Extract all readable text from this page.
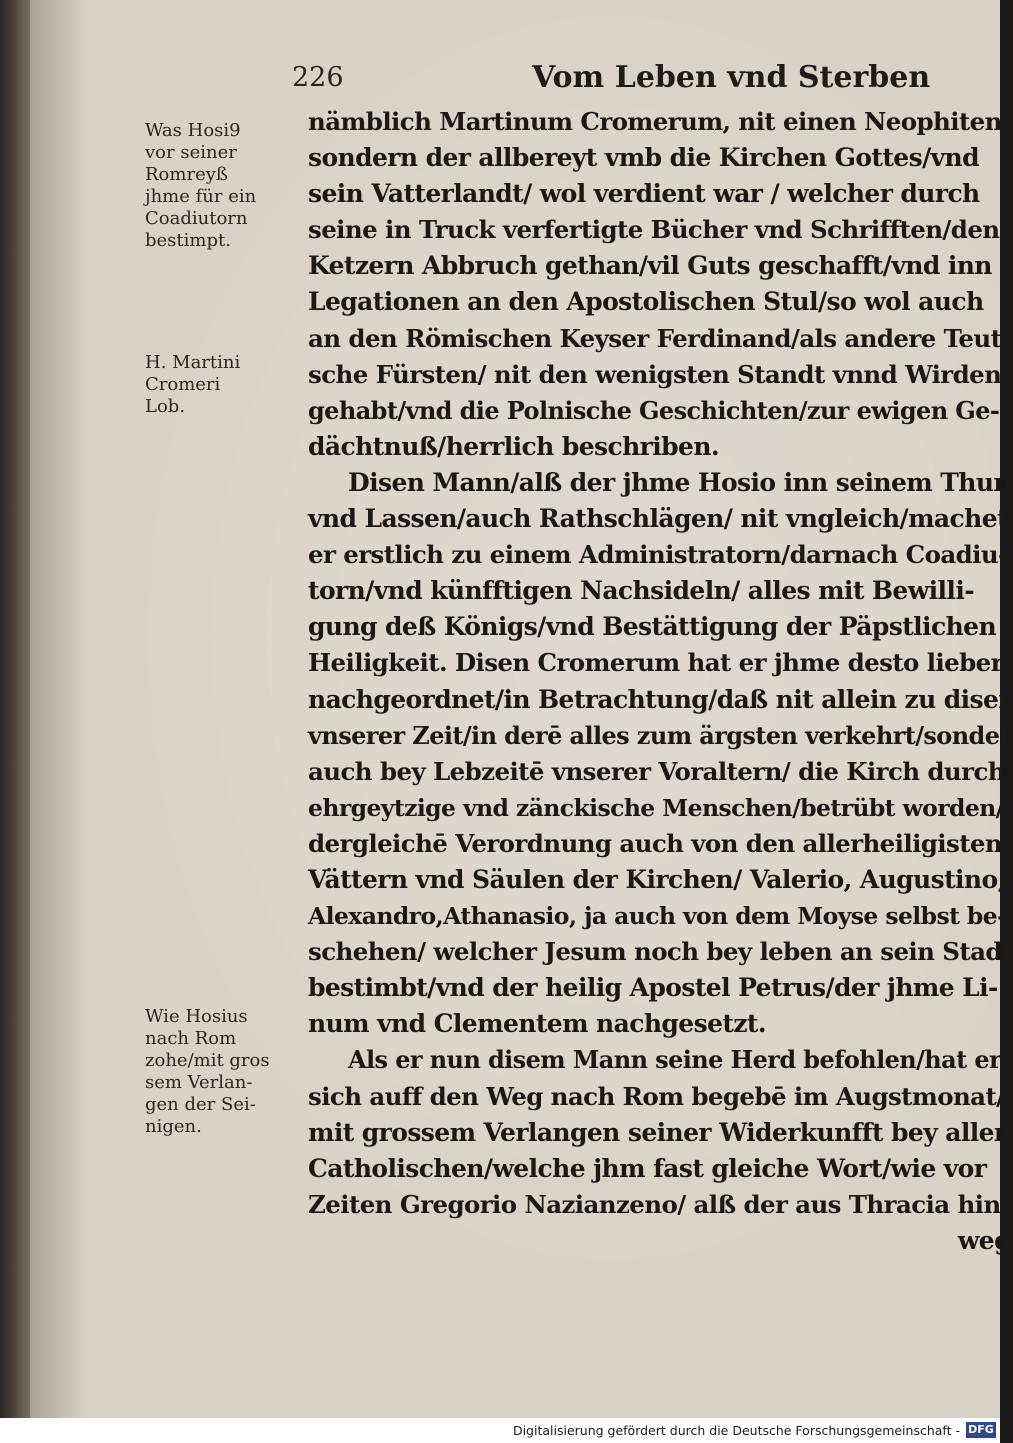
226	Vom Leben vnd Sterben
Was Hosi9
vor seiner
Romreyß
jhme für ein
Coadiutorn
bestimpt.
H. Martini
Cromeri
Lob.
Wie Hosius
nach Rom
zohe/mit gros
sem Verlan-
gen der Sei-
nigen.
nämblich Martinum Cromerum, nit einen Neophiten/
sondern der allbereyt vmb die Kirchen Gottes/vnd
sein Vatterlandt/ wol verdient war / welcher durch
seine in Truck verfertigte Bücher vnd Schrifften/den
Ketzern Abbruch gethan/vil Guts geschafft/vnd inn
Legationen an den Apostolischen Stul/so wol auch
an den Römischen Keyser Ferdinand/als andere Teut-
sche Fürsten/ nit den wenigsten Standt vnnd Wirden
gehabt/vnd die Polnische Geschichten/zur ewigen Ge-
dächtnuß/herrlich beschriben.
Disen Mann/alß der jhme Hosio inn seinem Thun
vnd Lassen/auch Rathschlägen/ nit vngleich/machet
er erstlich zu einem Administratorn/darnach Coadiu-
torn/vnd künfftigen Nachsideln/ alles mit Bewilli-
gung deß Königs/vnd Bestättigung der Päpstlichen
Heiligkeit. Disen Cromerum hat er jhme desto lieber
nachgeordnet/in Betrachtung/daß nit allein zu diser
vnserer Zeit/in derē alles zum ärgsten verkehrt/sonder
auch bey Lebzeitē vnserer Voraltern/ die Kirch durch
ehrgeytzige vnd zänckische Menschen/betrübt worden/
dergleichē Verordnung auch von den allerheiligisten
Vättern vnd Säulen der Kirchen/ Valerio, Augustino,
Alexandro,Athanasio, ja auch von dem Moyse selbst be-
schehen/ welcher Jesum noch bey leben an sein Stadt
bestimbt/vnd der heilig Apostel Petrus/der jhme Li-
num vnd Clementem nachgesetzt.
Als er nun disem Mann seine Herd befohlen/hat er
sich auff den Weg nach Rom begebē im Augstmonat/
mit grossem Verlangen seiner Widerkunfft bey allen
Catholischen/welche jhm fast gleiche Wort/wie vor
Zeiten Gregorio Nazianzeno/ alß der aus Thracia hin-
weg
Digitalisierung gefördert durch die Deutsche Forschungsgemeinschaft - DFG
